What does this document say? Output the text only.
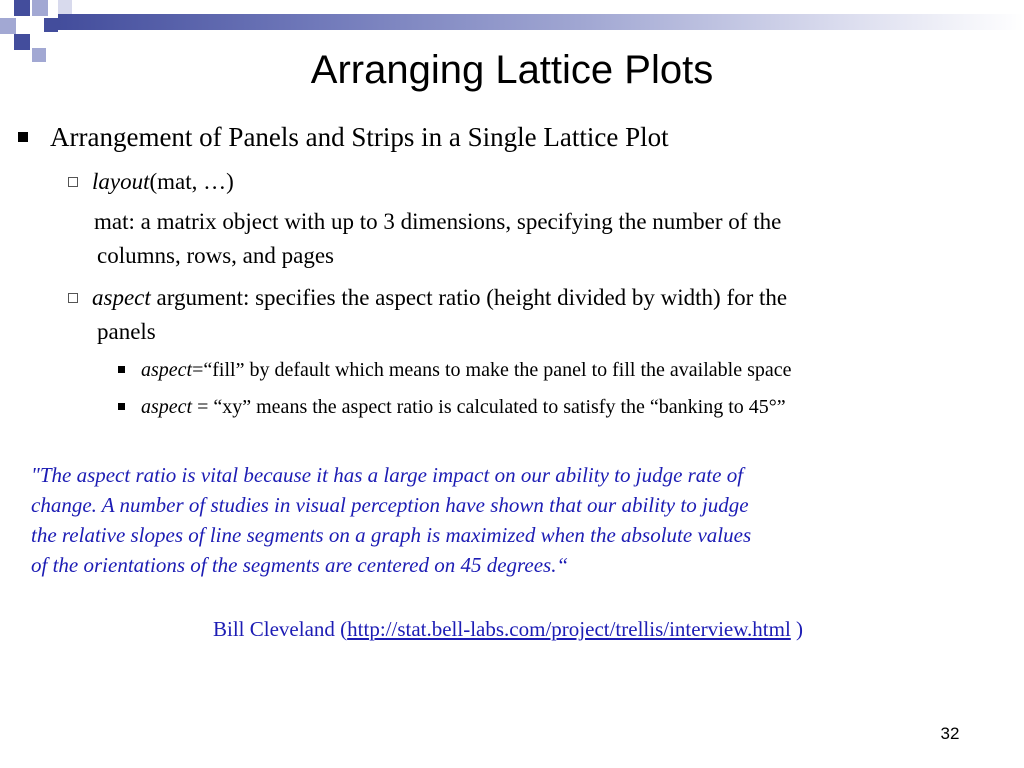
Arranging Lattice Plots
Arrangement of Panels and Strips in a Single Lattice Plot
layout(mat, …)
mat: a matrix object with up to 3 dimensions, specifying the number of the
columns, rows, and pages
aspect argument: specifies the aspect ratio (height divided by width) for the
panels
aspect=“fill” by default which means to make the panel to fill the available space
aspect = “xy” means the aspect ratio is calculated to satisfy the “banking to 45°”
"The aspect ratio is vital because it has a large impact on our ability to judge rate of
change. A number of studies in visual perception have shown that our ability to judge
the relative slopes of line segments on a graph is maximized when the absolute values
of the orientations of the segments are centered on 45 degrees.“
Bill Cleveland (http://stat.bell-labs.com/project/trellis/interview.html )
32
